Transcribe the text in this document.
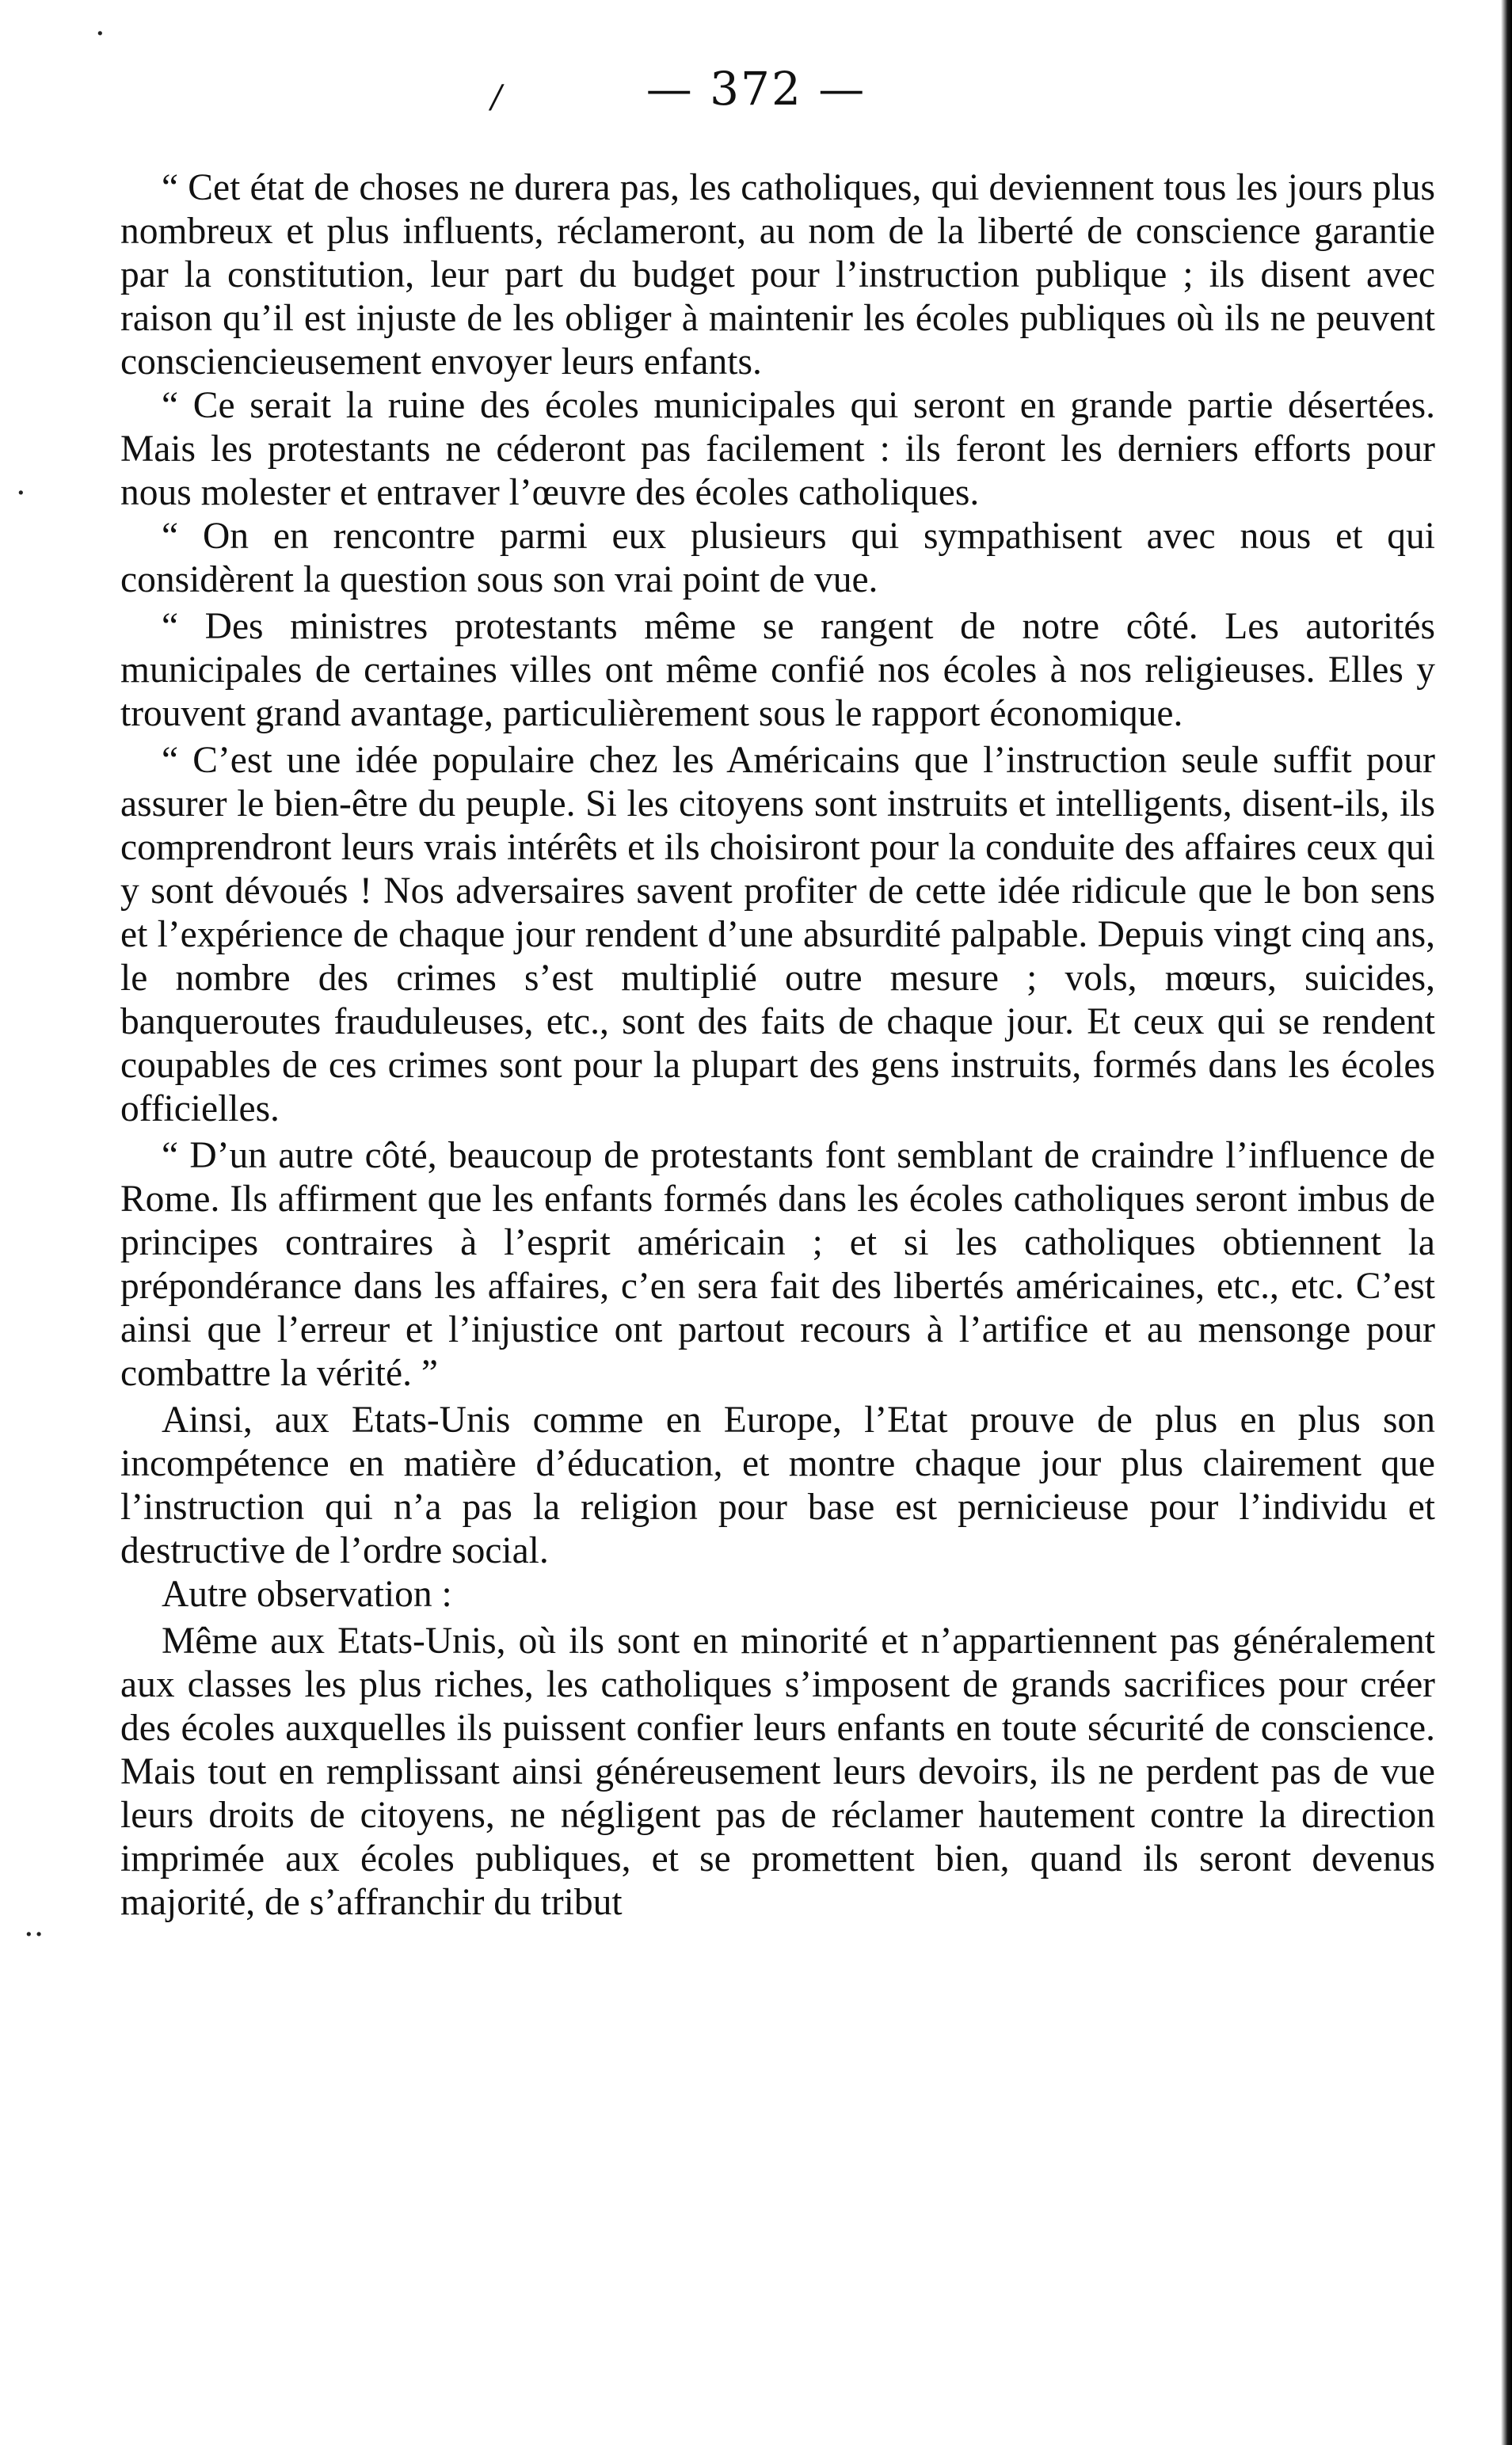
/	— 372 —

“ Cet état de choses ne durera pas, les catholiques, qui deviennent tous les jours plus nombreux et plus influents, réclameront, au nom de la liberté de conscience garantie par la constitution, leur part du budget pour l’instruction publique ; ils disent avec raison qu’il est injuste de les obliger à maintenir les écoles publiques où ils ne peuvent consciencieusement envoyer leurs enfants.

“ Ce serait la ruine des écoles municipales qui seront en grande partie désertées. Mais les protestants ne céderont pas facilement : ils feront les derniers efforts pour nous molester et entraver l’œuvre des écoles catholiques.

“ On en rencontre parmi eux plusieurs qui sympathisent avec nous et qui considèrent la question sous son vrai point de vue.

“ Des ministres protestants même se rangent de notre côté. Les autorités municipales de certaines villes ont même confié nos écoles à nos religieuses. Elles y trouvent grand avantage, particulièrement sous le rapport économique.

“ C’est une idée populaire chez les Américains que l’instruction seule suffit pour assurer le bien-être du peuple. Si les citoyens sont instruits et intelligents, disent-ils, ils comprendront leurs vrais intérêts et ils choisiront pour la conduite des affaires ceux qui y sont dévoués ! Nos adversaires savent profiter de cette idée ridicule que le bon sens et l’expérience de chaque jour rendent d’une absurdité palpable. Depuis vingt cinq ans, le nombre des crimes s’est multiplié outre mesure ; vols, mœurs, suicides, banqueroutes frauduleuses, etc., sont des faits de chaque jour. Et ceux qui se rendent coupables de ces crimes sont pour la plupart des gens instruits, formés dans les écoles officielles.

“ D’un autre côté, beaucoup de protestants font semblant de craindre l’influence de Rome. Ils affirment que les enfants formés dans les écoles catholiques seront imbus de principes contraires à l’esprit américain ; et si les catholiques obtiennent la prépondérance dans les affaires, c’en sera fait des libertés américaines, etc., etc. C’est ainsi que l’erreur et l’injustice ont partout recours à l’artifice et au mensonge pour combattre la vérité. ”

Ainsi, aux Etats-Unis comme en Europe, l’Etat prouve de plus en plus son incompétence en matière d’éducation, et montre chaque jour plus clairement que l’instruction qui n’a pas la religion pour base est pernicieuse pour l’individu et destructive de l’ordre social.

Autre observation :

Même aux Etats-Unis, où ils sont en minorité et n’appartiennent pas généralement aux classes les plus riches, les catholiques s’imposent de grands sacrifices pour créer des écoles auxquelles ils puissent confier leurs enfants en toute sécurité de conscience. Mais tout en remplissant ainsi généreusement leurs devoirs, ils ne perdent pas de vue leurs droits de citoyens, ne négligent pas de réclamer hautement contre la direction imprimée aux écoles publiques, et se promettent bien, quand ils seront devenus majorité, de s’affranchir du tribut

·
·
··
